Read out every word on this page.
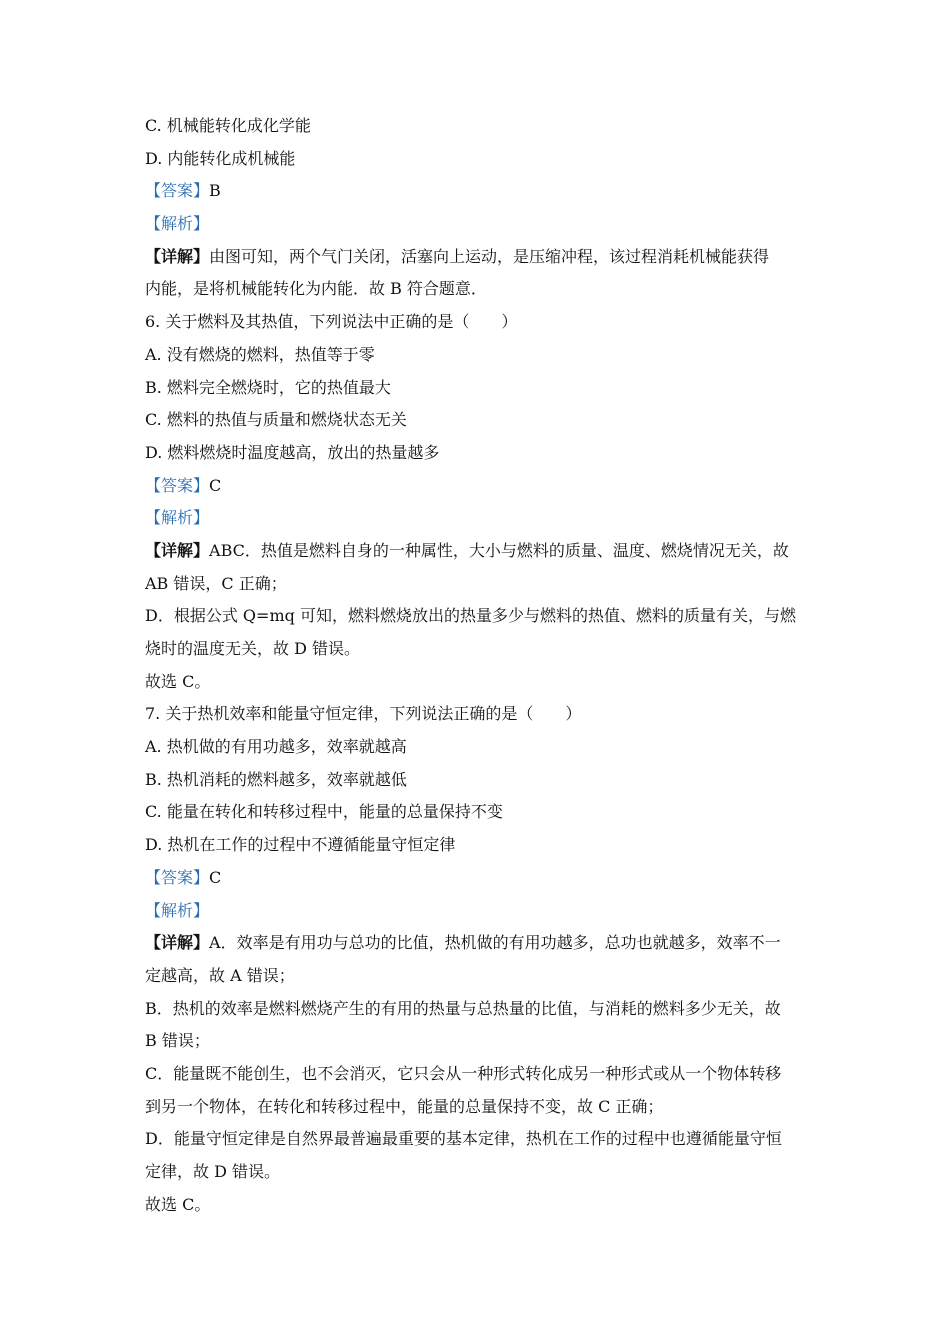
C. 机械能转化成化学能
D. 内能转化成机械能
【答案】B
【解析】
【详解】由图可知，两个气门关闭，活塞向上运动，是压缩冲程，该过程消耗机械能获得
内能，是将机械能转化为内能．故 B 符合题意．
6. 关于燃料及其热值，下列说法中正确的是（　　）
A. 没有燃烧的燃料，热值等于零
B. 燃料完全燃烧时，它的热值最大
C. 燃料的热值与质量和燃烧状态无关
D. 燃料燃烧时温度越高，放出的热量越多
【答案】C
【解析】
【详解】ABC．热值是燃料自身的一种属性，大小与燃料的质量、温度、燃烧情况无关，故
AB 错误，C 正确；
D．根据公式 Q=mq 可知，燃料燃烧放出的热量多少与燃料的热值、燃料的质量有关，与燃
烧时的温度无关，故 D 错误。
故选 C。
7. 关于热机效率和能量守恒定律，下列说法正确的是（　　）
A. 热机做的有用功越多，效率就越高
B. 热机消耗的燃料越多，效率就越低
C. 能量在转化和转移过程中，能量的总量保持不变
D. 热机在工作的过程中不遵循能量守恒定律
【答案】C
【解析】
【详解】A．效率是有用功与总功的比值，热机做的有用功越多，总功也就越多，效率不一
定越高，故 A 错误；
B．热机的效率是燃料燃烧产生的有用的热量与总热量的比值，与消耗的燃料多少无关，故
B 错误；
C．能量既不能创生，也不会消灭，它只会从一种形式转化成另一种形式或从一个物体转移
到另一个物体，在转化和转移过程中，能量的总量保持不变，故 C 正确；
D．能量守恒定律是自然界最普遍最重要的基本定律，热机在工作的过程中也遵循能量守恒
定律，故 D 错误。
故选 C。
